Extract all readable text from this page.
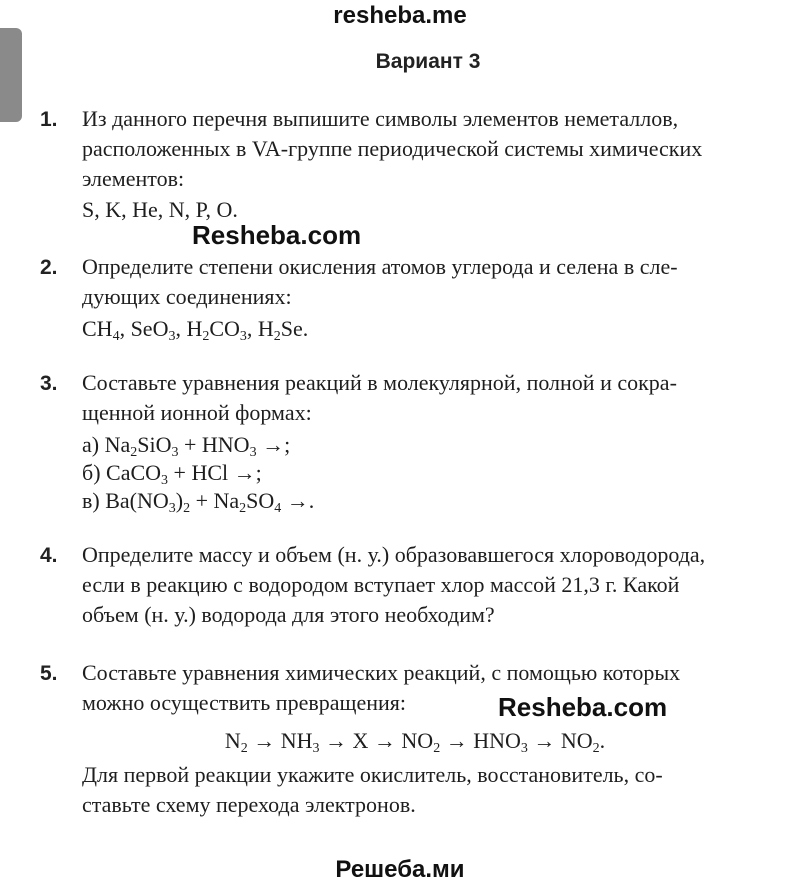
resheba.me
Вариант 3
1. Из данного перечня выпишите символы элементов неметаллов,
расположенных в VA-группе периодической системы химических
элементов:
S, K, He, N, P, O.
Resheba.com
2. Определите степени окисления атомов углерода и селена в сле-
дующих соединениях:
$CH_4$, SeO$_3$, $H_2CO_3$, $H_2Se$.
3. Составьте уравнения реакций в молекулярной, полной и сокра-
щенной ионной формах:
а) $Na_2SiO_3 + HNO_3$ →;
б) CaCO$_3$ + HCl →;
в) $Ba(NO_3)_2 + Na_2SO_4$ →.
4. Определите массу и объем (н. у.) образовавшегося хлороводорода,
если в реакцию с водородом вступает хлор массой 21,3 г. Какой
объем (н. у.) водорода для этого необходим?
5. Составьте уравнения химических реакций, с помощью которых
можно осуществить превращения:	Resheba.com
$N_2 \to NH_3 \to X \to NO_2 \to HNO_3 \to NO_2$.
Для первой реакции укажите окислитель, восстановитель, со-
ставьте схему перехода электронов.
Решеба.ми
